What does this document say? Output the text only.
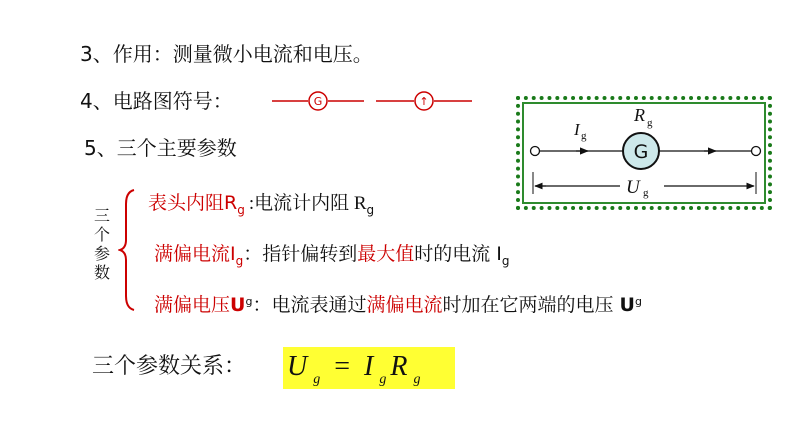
3、作用：测量微小电流和电压。
4、电路图符号：	G	↑
5、三个主要参数
三
个
参
数
表头内阻$R_g$ :电流计内阻 $R_g$
满偏电流$I_g$：指针偏转到最大值时的电流 $I_g$
满偏电压$U^g$：电流表通过满偏电流时加在它两端的电压 $U^g$
三个参数关系： U $_g$ = I $_g$ R $_g$
G
R g
I g
U g
